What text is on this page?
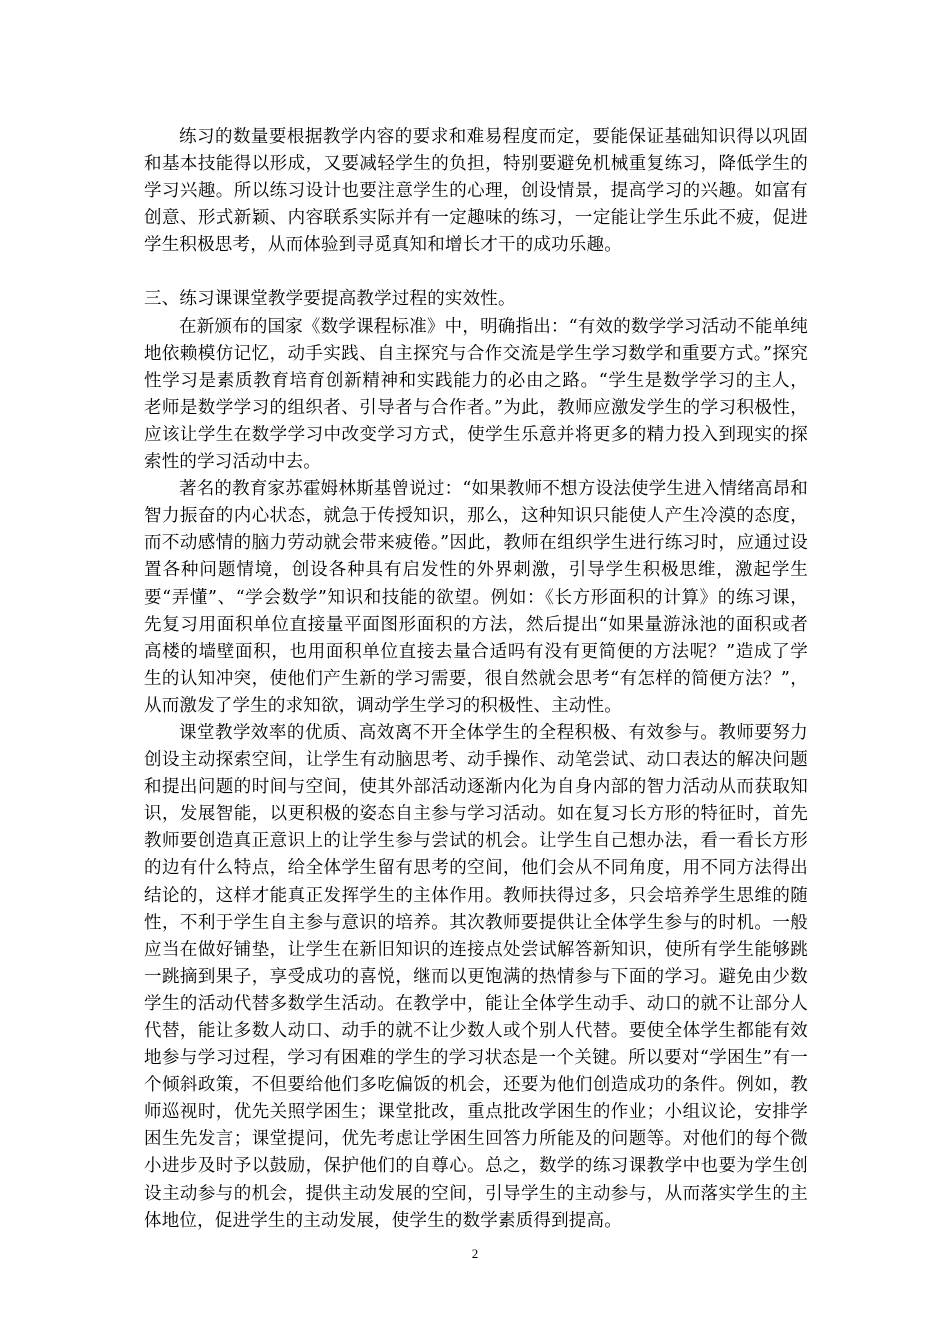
练习的数量要根据教学内容的要求和难易程度而定，要能保证基础知识得以巩固和基本技能得以形成，又要减轻学生的负担，特别要避免机械重复练习，降低学生的学习兴趣。所以练习设计也要注意学生的心理，创设情景，提高学习的兴趣。如富有创意、形式新颖、内容联系实际并有一定趣味的练习，一定能让学生乐此不疲，促进学生积极思考，从而体验到寻觅真知和增长才干的成功乐趣。

三、练习课课堂教学要提高教学过程的实效性。

在新颁布的国家《数学课程标准》中，明确指出：“有效的数学学习活动不能单纯地依赖模仿记忆，动手实践、自主探究与合作交流是学生学习数学和重要方式。”探究性学习是素质教育培育创新精神和实践能力的必由之路。“学生是数学学习的主人，老师是数学学习的组织者、引导者与合作者。”为此，教师应激发学生的学习积极性，应该让学生在数学学习中改变学习方式，使学生乐意并将更多的精力投入到现实的探索性的学习活动中去。

著名的教育家苏霍姆林斯基曾说过：“如果教师不想方设法使学生进入情绪高昂和智力振奋的内心状态，就急于传授知识，那么，这种知识只能使人产生冷漠的态度，而不动感情的脑力劳动就会带来疲倦。”因此，教师在组织学生进行练习时，应通过设置各种问题情境，创设各种具有启发性的外界刺激，引导学生积极思维，激起学生要“弄懂”、“学会数学”知识和技能的欲望。例如：《长方形面积的计算》的练习课，先复习用面积单位直接量平面图形面积的方法，然后提出“如果量游泳池的面积或者高楼的墙壁面积，也用面积单位直接去量合适吗有没有更简便的方法呢？”造成了学生的认知冲突，使他们产生新的学习需要，很自然就会思考“有怎样的简便方法？”，从而激发了学生的求知欲，调动学生学习的积极性、主动性。

课堂教学效率的优质、高效离不开全体学生的全程积极、有效参与。教师要努力创设主动探索空间，让学生有动脑思考、动手操作、动笔尝试、动口表达的解决问题和提出问题的时间与空间，使其外部活动逐渐内化为自身内部的智力活动从而获取知识，发展智能，以更积极的姿态自主参与学习活动。如在复习长方形的特征时，首先教师要创造真正意识上的让学生参与尝试的机会。让学生自己想办法，看一看长方形的边有什么特点，给全体学生留有思考的空间，他们会从不同角度，用不同方法得出结论的，这样才能真正发挥学生的主体作用。教师扶得过多，只会培养学生思维的随性，不利于学生自主参与意识的培养。其次教师要提供让全体学生参与的时机。一般应当在做好铺垫，让学生在新旧知识的连接点处尝试解答新知识，使所有学生能够跳一跳摘到果子，享受成功的喜悦，继而以更饱满的热情参与下面的学习。避免由少数学生的活动代替多数学生活动。在教学中，能让全体学生动手、动口的就不让部分人代替，能让多数人动口、动手的就不让少数人或个别人代替。要使全体学生都能有效地参与学习过程，学习有困难的学生的学习状态是一个关键。所以要对“学困生”有一个倾斜政策，不但要给他们多吃偏饭的机会，还要为他们创造成功的条件。例如，教师巡视时，优先关照学困生；课堂批改，重点批改学困生的作业；小组议论，安排学困生先发言；课堂提问，优先考虑让学困生回答力所能及的问题等。对他们的每个微小进步及时予以鼓励，保护他们的自尊心。总之，数学的练习课教学中也要为学生创设主动参与的机会，提供主动发展的空间，引导学生的主动参与，从而落实学生的主体地位，促进学生的主动发展，使学生的数学素质得到提高。

2
